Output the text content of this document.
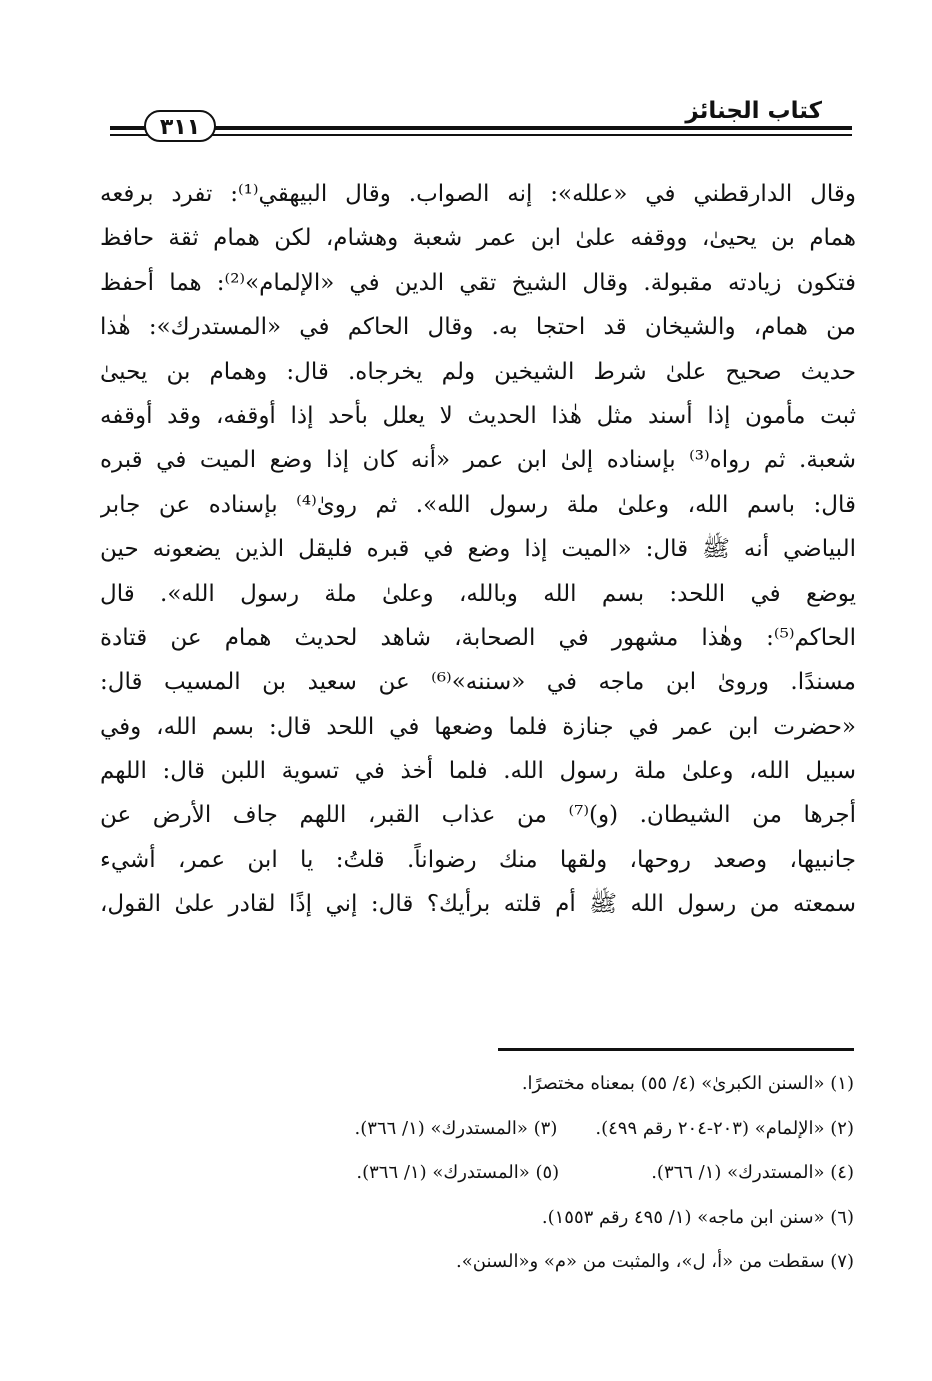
كتاب الجنائز
٣١١
وقال الدارقطني في «علله»: إنه الصواب. وقال البيهقي⁽¹⁾: تفرد برفعه
همام بن يحيىٰ، ووقفه علىٰ ابن عمر شعبة وهشام، لكن همام ثقة حافظ
فتكون زيادته مقبولة. وقال الشيخ تقي الدين في «الإلمام»⁽²⁾: هما أحفظ
من همام، والشيخان قد احتجا به. وقال الحاكم في «المستدرك»: هٰذا
حديث صحيح علىٰ شرط الشيخين ولم يخرجاه. قال: وهمام بن يحيىٰ
ثبت مأمون إذا أسند مثل هٰذا الحديث لا يعلل بأحد إذا أوقفه، وقد أوقفه
شعبة. ثم رواه⁽³⁾ بإسناده إلىٰ ابن عمر «أنه كان إذا وضع الميت في قبره
قال: باسم الله، وعلىٰ ملة رسول الله». ثم روىٰ⁽⁴⁾ بإسناده عن جابر
البياضي أنه ﷺ قال: «الميت إذا وضع في قبره فليقل الذين يضعونه حين
يوضع في اللحد: بسم الله وبالله، وعلىٰ ملة رسول الله». قال
الحاكم⁽⁵⁾: وهٰذا مشهور في الصحابة، شاهد لحديث همام عن قتادة
مسندًا. وروىٰ ابن ماجه في «سننه»⁽⁶⁾ عن سعيد بن المسيب قال:
«حضرت ابن عمر في جنازة فلما وضعها في اللحد قال: بسم الله، وفي
سبيل الله، وعلىٰ ملة رسول الله. فلما أخذ في تسوية اللبن قال: اللهم
أجرها من الشيطان. (و)⁽⁷⁾ من عذاب القبر، اللهم جاف الأرض عن
جانبيها، وصعد روحها، ولقها منك رضواناً. قلتُ: يا ابن عمر، أشيء
سمعته من رسول الله ﷺ أم قلته برأيك؟ قال: إني إذًا لقادر علىٰ القول،
(١) «السنن الكبرىٰ» (٤/ ٥٥) بمعناه مختصرًا.
(٢) «الإلمام» (٢٠٣-٢٠٤ رقم ٤٩٩).(٣) «المستدرك» (١/ ٣٦٦).
(٤) «المستدرك» (١/ ٣٦٦).(٥) «المستدرك» (١/ ٣٦٦).
(٦) «سنن ابن ماجه» (١/ ٤٩٥ رقم ١٥٥٣).
(٧) سقطت من «أ، ل»، والمثبت من «م» و«السنن».
